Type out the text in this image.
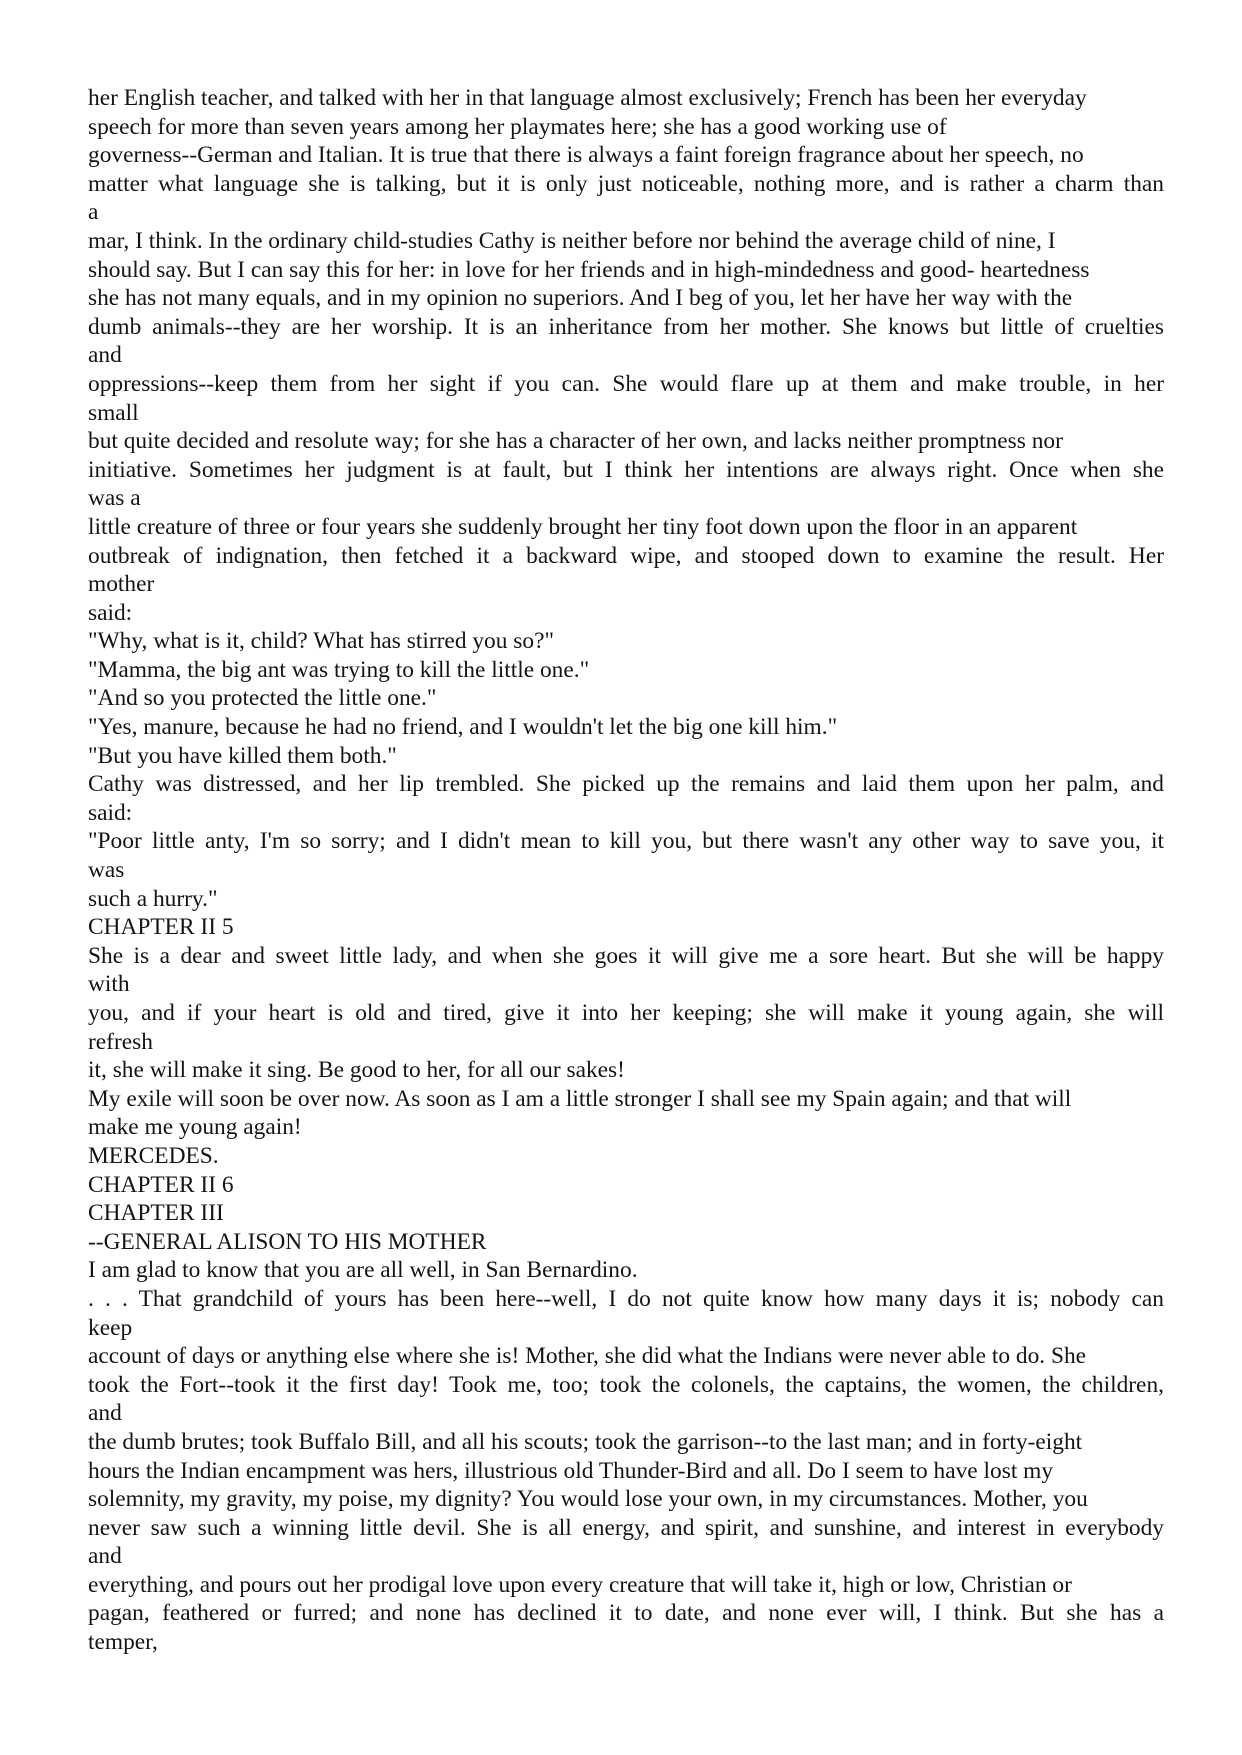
her English teacher, and talked with her in that language almost exclusively; French has been her everyday
speech for more than seven years among her playmates here; she has a good working use of
governess--German and Italian. It is true that there is always a faint foreign fragrance about her speech, no
matter what language she is talking, but it is only just noticeable, nothing more, and is rather a charm than
a
mar, I think. In the ordinary child-studies Cathy is neither before nor behind the average child of nine, I
should say. But I can say this for her: in love for her friends and in high-mindedness and good- heartedness
she has not many equals, and in my opinion no superiors. And I beg of you, let her have her way with the
dumb animals--they are her worship. It is an inheritance from her mother. She knows but little of cruelties
and
oppressions--keep them from her sight if you can. She would flare up at them and make trouble, in her
small
but quite decided and resolute way; for she has a character of her own, and lacks neither promptness nor
initiative. Sometimes her judgment is at fault, but I think her intentions are always right. Once when she
was a
little creature of three or four years she suddenly brought her tiny foot down upon the floor in an apparent
outbreak of indignation, then fetched it a backward wipe, and stooped down to examine the result. Her
mother
said:
"Why, what is it, child? What has stirred you so?"
"Mamma, the big ant was trying to kill the little one."
"And so you protected the little one."
"Yes, manure, because he had no friend, and I wouldn't let the big one kill him."
"But you have killed them both."
Cathy was distressed, and her lip trembled. She picked up the remains and laid them upon her palm, and
said:
"Poor little anty, I'm so sorry; and I didn't mean to kill you, but there wasn't any other way to save you, it
was
such a hurry."
CHAPTER II 5
She is a dear and sweet little lady, and when she goes it will give me a sore heart. But she will be happy
with
you, and if your heart is old and tired, give it into her keeping; she will make it young again, she will
refresh
it, she will make it sing. Be good to her, for all our sakes!
My exile will soon be over now. As soon as I am a little stronger I shall see my Spain again; and that will
make me young again!
MERCEDES.
CHAPTER II 6
CHAPTER III
--GENERAL ALISON TO HIS MOTHER
I am glad to know that you are all well, in San Bernardino.
. . . That grandchild of yours has been here--well, I do not quite know how many days it is; nobody can
keep
account of days or anything else where she is! Mother, she did what the Indians were never able to do. She
took the Fort--took it the first day! Took me, too; took the colonels, the captains, the women, the children,
and
the dumb brutes; took Buffalo Bill, and all his scouts; took the garrison--to the last man; and in forty-eight
hours the Indian encampment was hers, illustrious old Thunder-Bird and all. Do I seem to have lost my
solemnity, my gravity, my poise, my dignity? You would lose your own, in my circumstances. Mother, you
never saw such a winning little devil. She is all energy, and spirit, and sunshine, and interest in everybody
and
everything, and pours out her prodigal love upon every creature that will take it, high or low, Christian or
pagan, feathered or furred; and none has declined it to date, and none ever will, I think. But she has a
temper,
